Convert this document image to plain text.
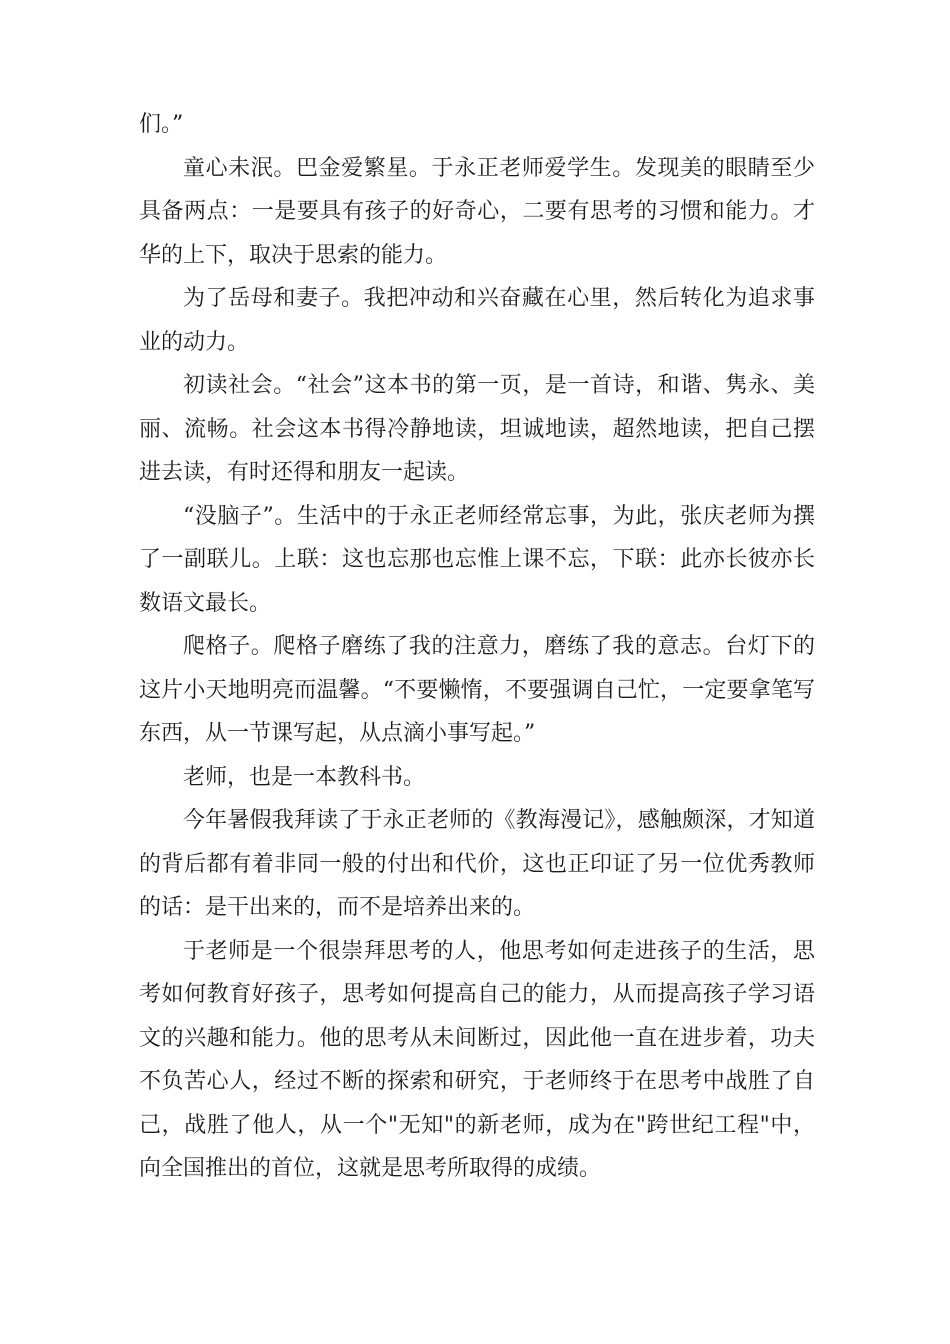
们。”

童心未泯。巴金爱繁星。于永正老师爱学生。发现美的眼睛至少具备两点：一是要具有孩子的好奇心，二要有思考的习惯和能力。才华的上下，取决于思索的能力。

为了岳母和妻子。我把冲动和兴奋藏在心里，然后转化为追求事业的动力。

初读社会。“社会”这本书的第一页，是一首诗，和谐、隽永、美丽、流畅。社会这本书得冷静地读，坦诚地读，超然地读，把自己摆进去读，有时还得和朋友一起读。

“没脑子”。生活中的于永正老师经常忘事，为此，张庆老师为撰了一副联儿。上联：这也忘那也忘惟上课不忘，下联：此亦长彼亦长数语文最长。

爬格子。爬格子磨练了我的注意力，磨练了我的意志。台灯下的这片小天地明亮而温馨。“不要懒惰，不要强调自己忙，一定要拿笔写东西，从一节课写起，从点滴小事写起。”

老师，也是一本教科书。

今年暑假我拜读了于永正老师的《教海漫记》，感触颇深，才知道的背后都有着非同一般的付出和代价，这也正印证了另一位优秀教师的话：是干出来的，而不是培养出来的。

于老师是一个很崇拜思考的人，他思考如何走进孩子的生活，思考如何教育好孩子，思考如何提高自己的能力，从而提高孩子学习语文的兴趣和能力。他的思考从未间断过，因此他一直在进步着，功夫不负苦心人，经过不断的探索和研究，于老师终于在思考中战胜了自己，战胜了他人，从一个"无知"的新老师，成为在"跨世纪工程"中，向全国推出的首位，这就是思考所取得的成绩。
